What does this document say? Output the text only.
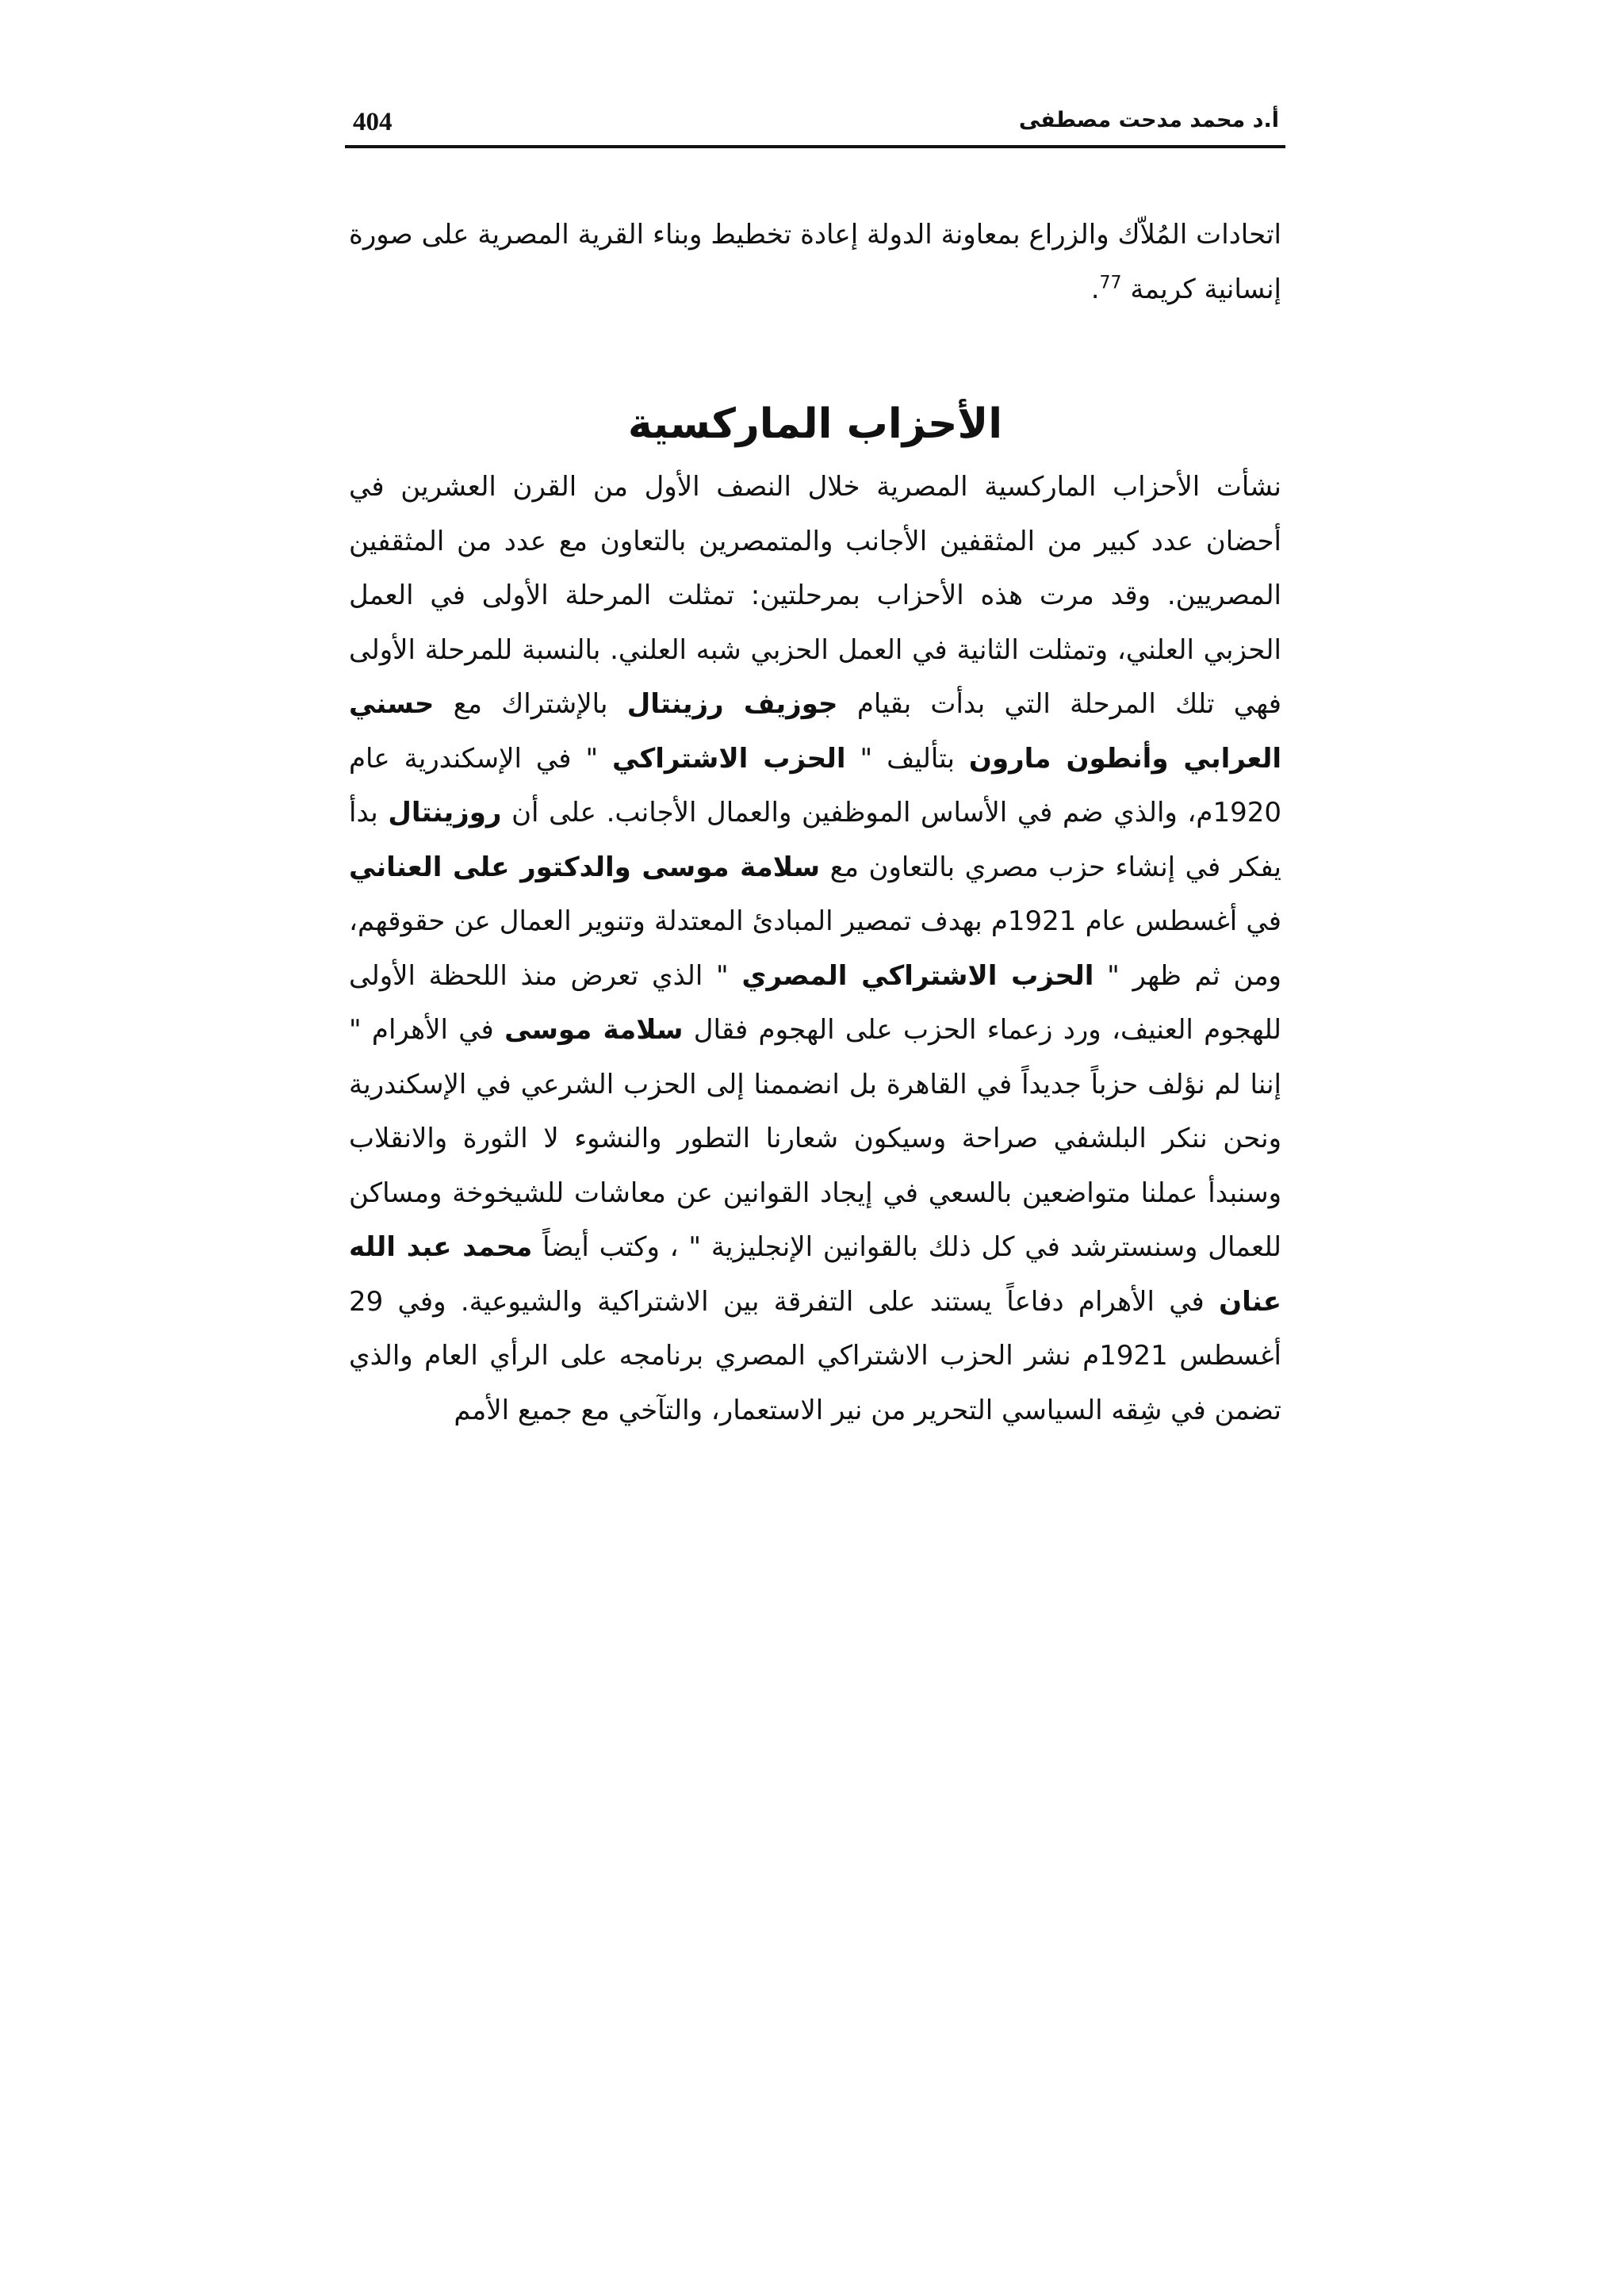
404	أ.د محمد مدحت مصطفى

اتحادات المُلاّك والزراع بمعاونة الدولة إعادة تخطيط وبناء القرية المصرية على صورة إنسانية كريمة $^{77}$.

الأحزاب الماركسية

نشأت الأحزاب الماركسية المصرية خلال النصف الأول من القرن العشرين في أحضان عدد كبير من المثقفين الأجانب والمتمصرين بالتعاون مع عدد من المثقفين المصريين. وقد مرت هذه الأحزاب بمرحلتين: تمثلت المرحلة الأولى في العمل الحزبي العلني، وتمثلت الثانية في العمل الحزبي شبه العلني. بالنسبة للمرحلة الأولى فهي تلك المرحلة التي بدأت بقيام جوزيف رزينتال بالإشتراك مع حسني العرابي وأنطون مارون بتأليف " الحزب الاشتراكي " في الإسكندرية عام 1920م، والذي ضم في الأساس الموظفين والعمال الأجانب. على أن روزينتال بدأ يفكر في إنشاء حزب مصري بالتعاون مع سلامة موسى والدكتور على العناني في أغسطس عام 1921م بهدف تمصير المبادئ المعتدلة وتنوير العمال عن حقوقهم، ومن ثم ظهر " الحزب الاشتراكي المصري " الذي تعرض منذ اللحظة الأولى للهجوم العنيف، ورد زعماء الحزب على الهجوم فقال سلامة موسى في الأهرام " إننا لم نؤلف حزباً جديداً في القاهرة بل انضممنا إلى الحزب الشرعي في الإسكندرية ونحن ننكر البلشفي صراحة وسيكون شعارنا التطور والنشوء لا الثورة والانقلاب وسنبدأ عملنا متواضعين بالسعي في إيجاد القوانين عن معاشات للشيخوخة ومساكن للعمال وسنسترشد في كل ذلك بالقوانين الإنجليزية " ، وكتب أيضاً محمد عبد الله عنان في الأهرام دفاعاً يستند على التفرقة بين الاشتراكية والشيوعية. وفي 29 أغسطس 1921م نشر الحزب الاشتراكي المصري برنامجه على الرأي العام والذي تضمن في شِقه السياسي التحرير من نير الاستعمار، والتآخي مع جميع الأمم
